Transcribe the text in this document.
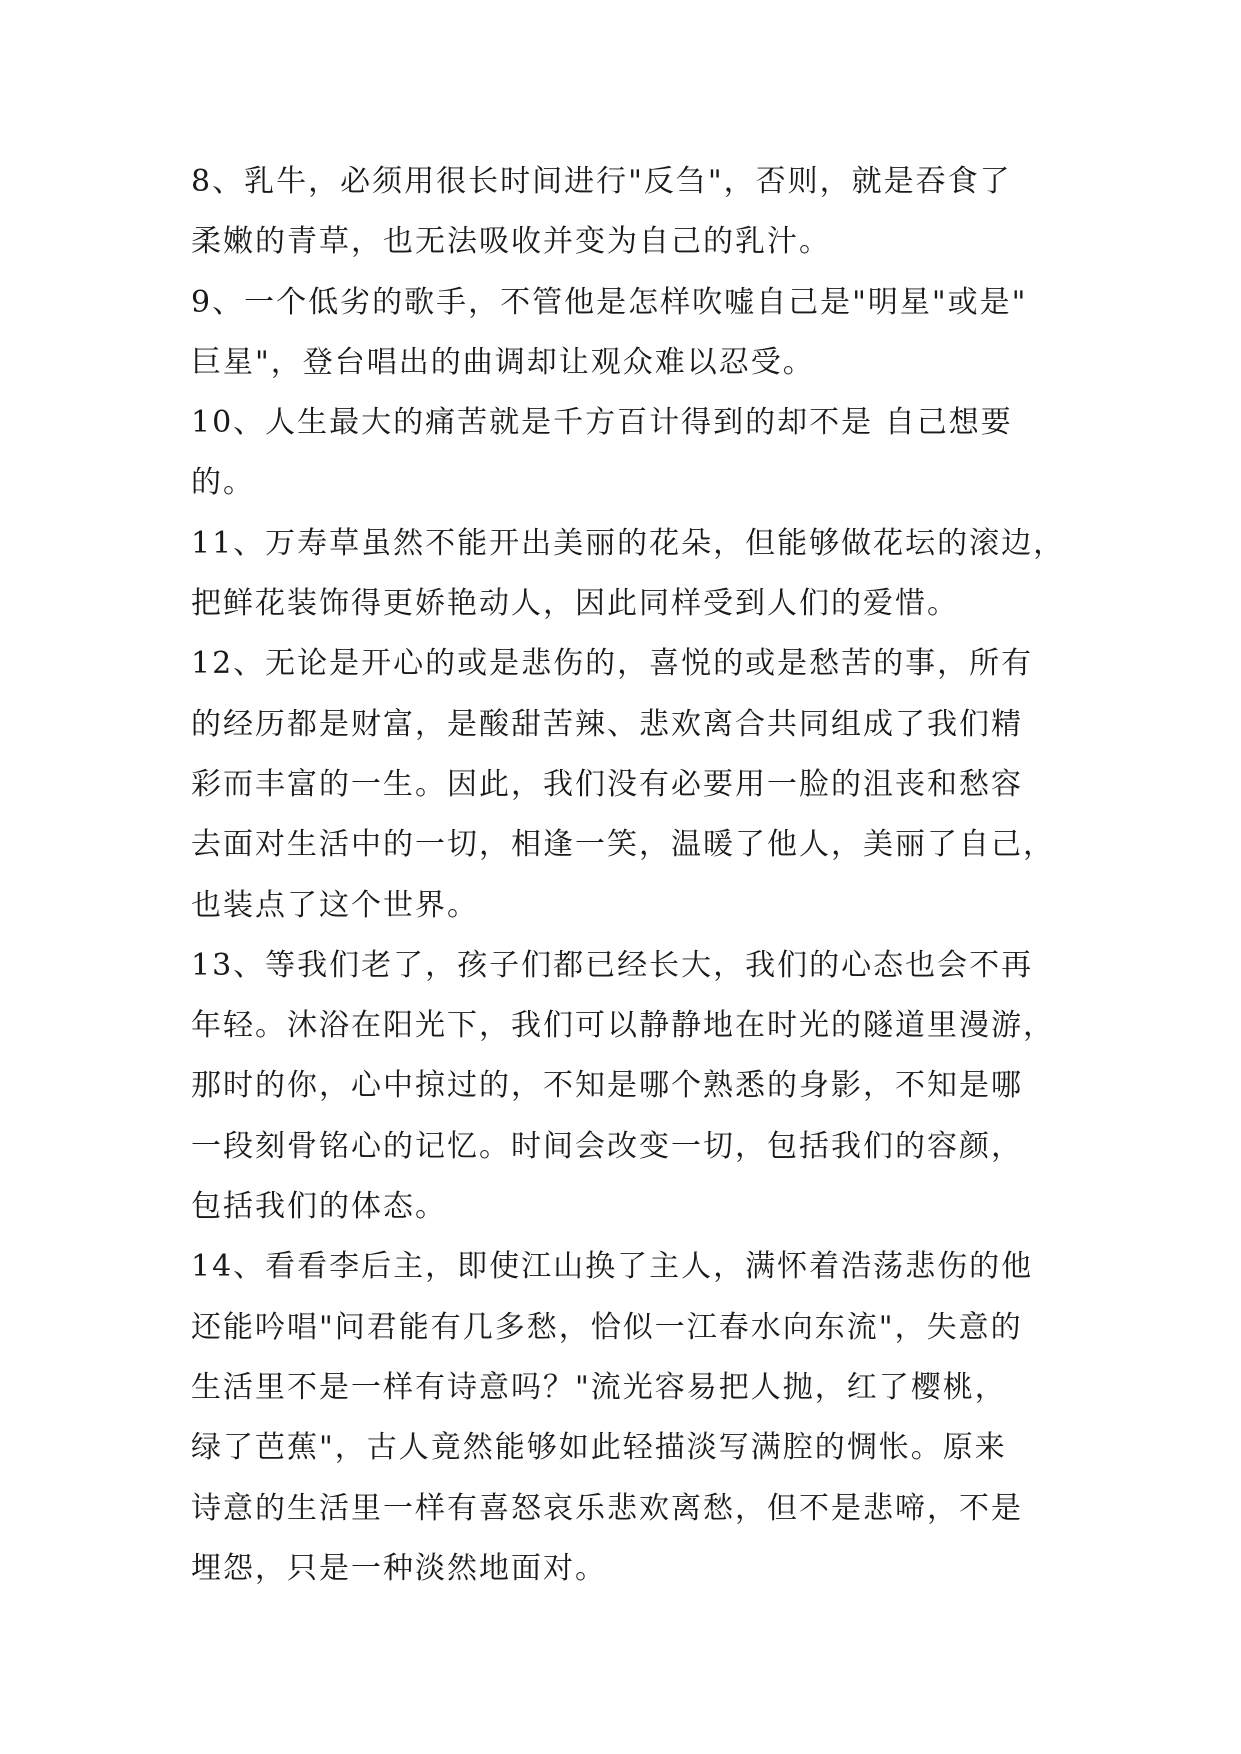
8、乳牛，必须用很长时间进行"反刍"，否则，就是吞食了
柔嫩的青草，也无法吸收并变为自己的乳汁。
9、一个低劣的歌手，不管他是怎样吹嘘自己是"明星"或是"
巨星"，登台唱出的曲调却让观众难以忍受。
10、人生最大的痛苦就是千方百计得到的却不是 自己想要
的。
11、万寿草虽然不能开出美丽的花朵，但能够做花坛的滚边，
把鲜花装饰得更娇艳动人，因此同样受到人们的爱惜。
12、无论是开心的或是悲伤的，喜悦的或是愁苦的事，所有
的经历都是财富，是酸甜苦辣、悲欢离合共同组成了我们精
彩而丰富的一生。因此，我们没有必要用一脸的沮丧和愁容
去面对生活中的一切，相逢一笑，温暖了他人，美丽了自己，
也装点了这个世界。
13、等我们老了，孩子们都已经长大，我们的心态也会不再
年轻。沐浴在阳光下，我们可以静静地在时光的隧道里漫游，
那时的你，心中掠过的，不知是哪个熟悉的身影，不知是哪
一段刻骨铭心的记忆。时间会改变一切，包括我们的容颜，
包括我们的体态。
14、看看李后主，即使江山换了主人，满怀着浩荡悲伤的他
还能吟唱"问君能有几多愁，恰似一江春水向东流"，失意的
生活里不是一样有诗意吗？"流光容易把人抛，红了樱桃，
绿了芭蕉"，古人竟然能够如此轻描淡写满腔的惆怅。原来
诗意的生活里一样有喜怒哀乐悲欢离愁，但不是悲啼，不是
埋怨，只是一种淡然地面对。
